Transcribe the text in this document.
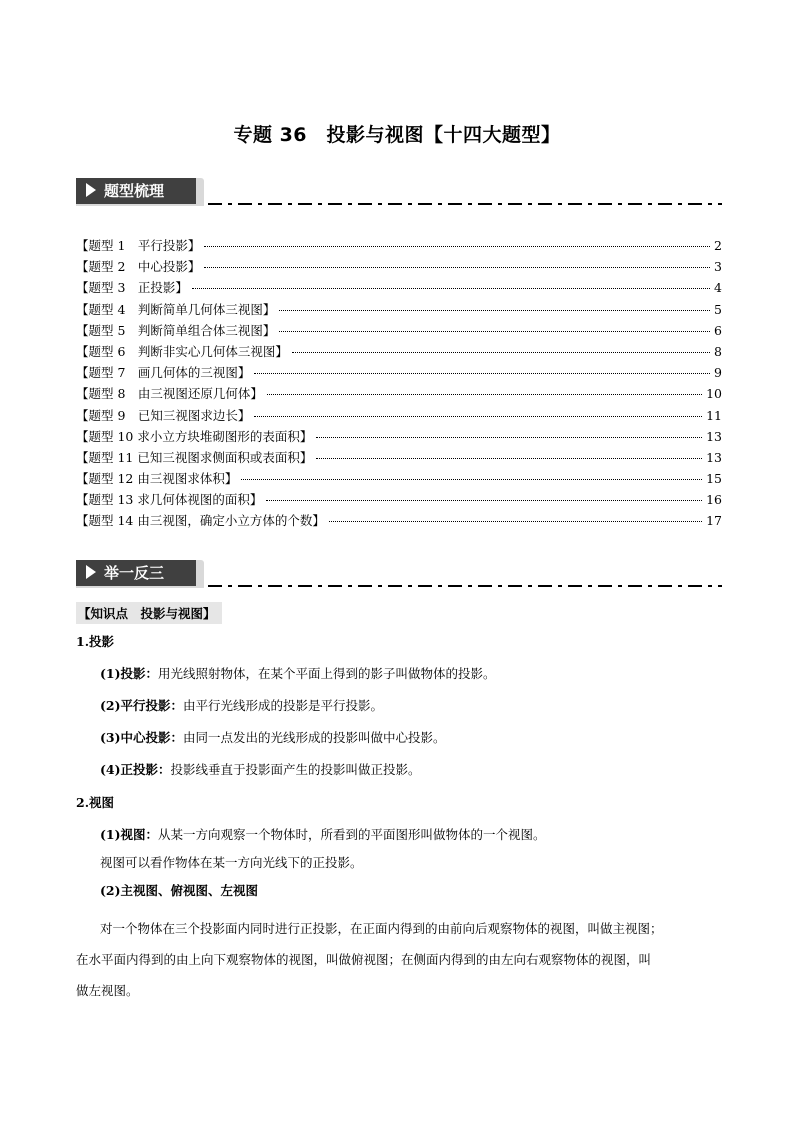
专题 36　投影与视图【十四大题型】
题型梳理
【题型 1　平行投影】	2
【题型 2　中心投影】	3
【题型 3　正投影】	4
【题型 4　判断简单几何体三视图】	5
【题型 5　判断简单组合体三视图】	6
【题型 6　判断非实心几何体三视图】	8
【题型 7　画几何体的三视图】	9
【题型 8　由三视图还原几何体】	10
【题型 9　已知三视图求边长】	11
【题型 10 求小立方块堆砌图形的表面积】	13
【题型 11 已知三视图求侧面积或表面积】	13
【题型 12 由三视图求体积】	15
【题型 13 求几何体视图的面积】	16
【题型 14 由三视图，确定小立方体的个数】	17
举一反三
【知识点　投影与视图】
1.投影
(1)投影：用光线照射物体，在某个平面上得到的影子叫做物体的投影。
(2)平行投影：由平行光线形成的投影是平行投影。
(3)中心投影：由同一点发出的光线形成的投影叫做中心投影。
(4)正投影：投影线垂直于投影面产生的投影叫做正投影。
2.视图
(1)视图：从某一方向观察一个物体时，所看到的平面图形叫做物体的一个视图。
视图可以看作物体在某一方向光线下的正投影。
(2)主视图、俯视图、左视图
对一个物体在三个投影面内同时进行正投影，在正面内得到的由前向后观察物体的视图，叫做主视图；
在水平面内得到的由上向下观察物体的视图，叫做俯视图；在侧面内得到的由左向右观察物体的视图，叫
做左视图。
